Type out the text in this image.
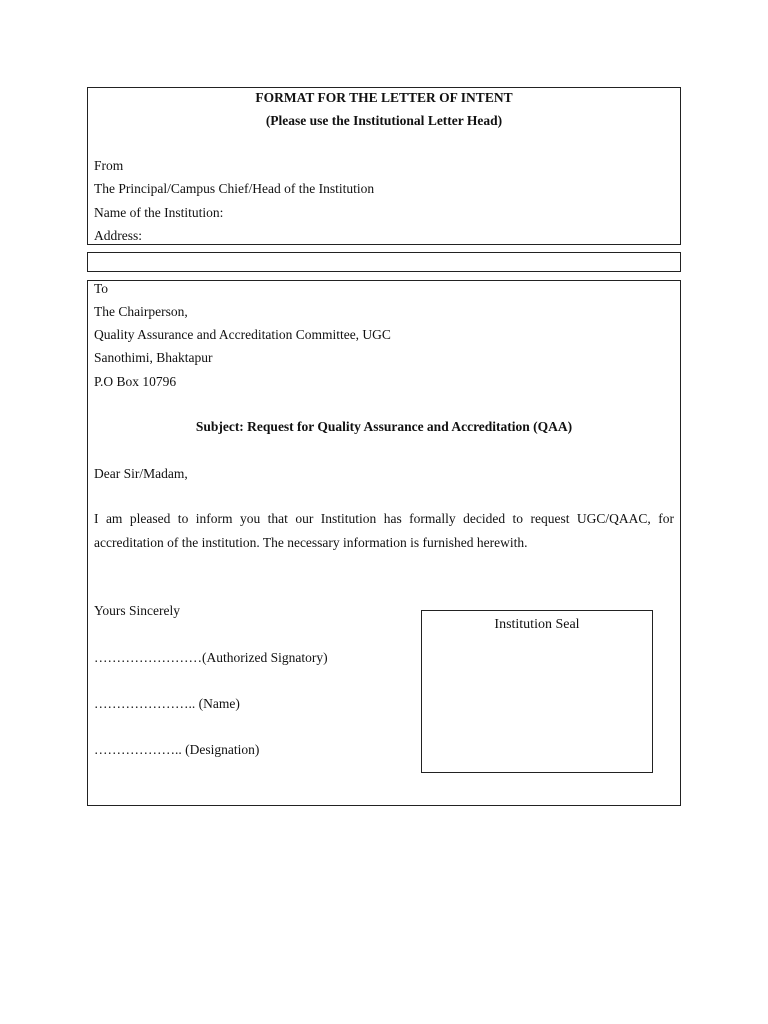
FORMAT FOR THE LETTER OF INTENT
(Please use the Institutional Letter Head)
From
The Principal/Campus Chief/Head of the Institution
Name of the Institution:
Address:
To
The Chairperson,
Quality Assurance and Accreditation Committee, UGC
Sanothimi, Bhaktapur
P.O Box 10796
Subject: Request for Quality Assurance and Accreditation (QAA)
Dear Sir/Madam,
I am pleased to inform you that our Institution has formally decided to request UGC/QAAC, for accreditation of the institution. The necessary information is furnished herewith.
Yours Sincerely
……………………(Authorized Signatory)
………………….. (Name)
……………….. (Designation)
Institution Seal
